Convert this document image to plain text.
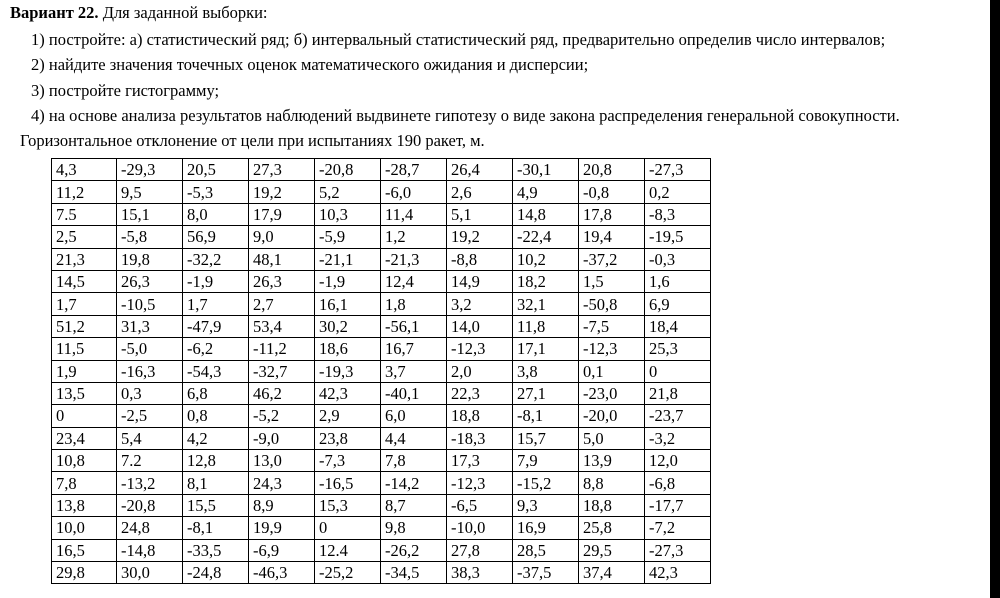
Вариант 22. Для заданной выборки:
1) постройте: а) статистический ряд; б) интервальный статистический ряд, предварительно определив число интервалов;
2) найдите значения точечных оценок математического ожидания и дисперсии;
3) постройте гистограмму;
4) на основе анализа результатов наблюдений выдвинете гипотезу о виде закона распределения генеральной совокупности.
Горизонтальное отклонение от цели при испытаниях 190 ракет, м.
4,3	-29,3	20,5	27,3	-20,8	-28,7	26,4	-30,1	20,8	-27,3
11,2	9,5	-5,3	19,2	5,2	-6,0	2,6	4,9	-0,8	0,2
7.5	15,1	8,0	17,9	10,3	11,4	5,1	14,8	17,8	-8,3
2,5	-5,8	56,9	9,0	-5,9	1,2	19,2	-22,4	19,4	-19,5
21,3	19,8	-32,2	48,1	-21,1	-21,3	-8,8	10,2	-37,2	-0,3
14,5	26,3	-1,9	26,3	-1,9	12,4	14,9	18,2	1,5	1,6
1,7	-10,5	1,7	2,7	16,1	1,8	3,2	32,1	-50,8	6,9
51,2	31,3	-47,9	53,4	30,2	-56,1	14,0	11,8	-7,5	18,4
11,5	-5,0	-6,2	-11,2	18,6	16,7	-12,3	17,1	-12,3	25,3
1,9	-16,3	-54,3	-32,7	-19,3	3,7	2,0	3,8	0,1	0
13,5	0,3	6,8	46,2	42,3	-40,1	22,3	27,1	-23,0	21,8
0	-2,5	0,8	-5,2	2,9	6,0	18,8	-8,1	-20,0	-23,7
23,4	5,4	4,2	-9,0	23,8	4,4	-18,3	15,7	5,0	-3,2
10,8	7.2	12,8	13,0	-7,3	7,8	17,3	7,9	13,9	12,0
7,8	-13,2	8,1	24,3	-16,5	-14,2	-12,3	-15,2	8,8	-6,8
13,8	-20,8	15,5	8,9	15,3	8,7	-6,5	9,3	18,8	-17,7
10,0	24,8	-8,1	19,9	0	9,8	-10,0	16,9	25,8	-7,2
16,5	-14,8	-33,5	-6,9	12.4	-26,2	27,8	28,5	29,5	-27,3
29,8	30,0	-24,8	-46,3	-25,2	-34,5	38,3	-37,5	37,4	42,3
